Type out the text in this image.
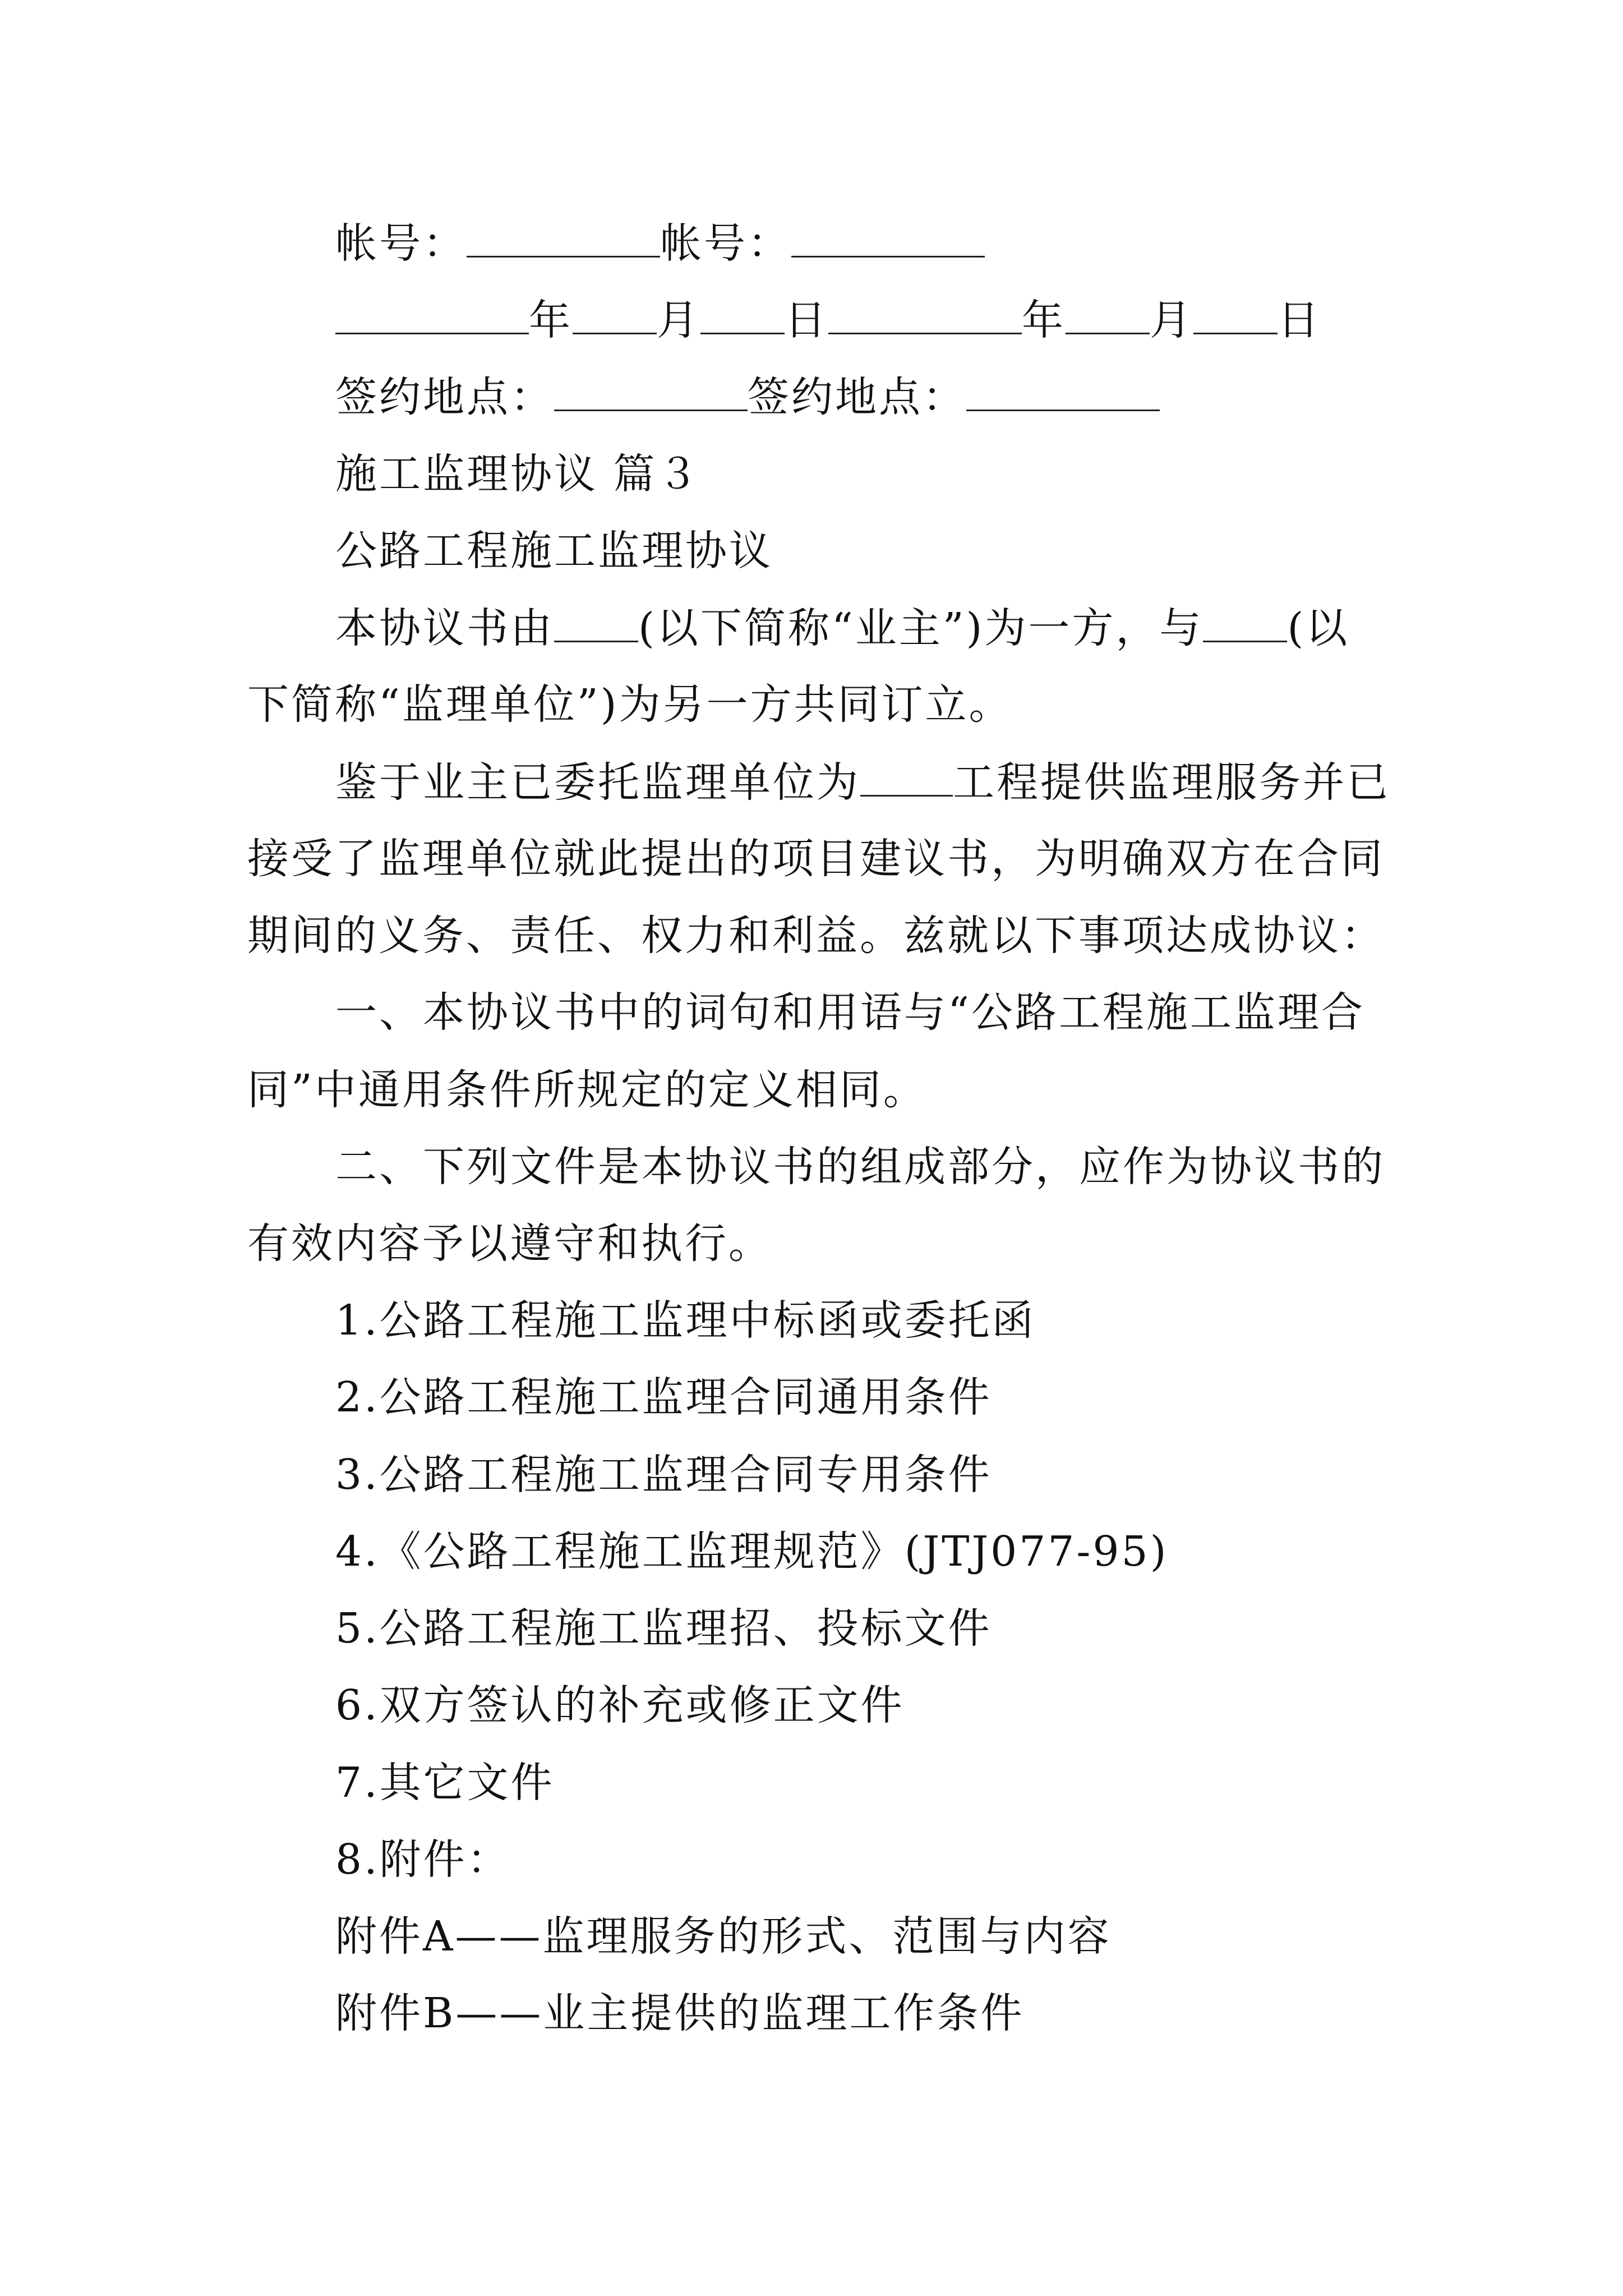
帐号：	帐号：
年 月 日	年 月 日
签约地点：	签约地点：
施工监理协议 篇３
公路工程施工监理协议
本协议书由 (以下简称“业主”)为一方，与 (以
下简称“监理单位”)为另一方共同订立。
鉴于业主已委托监理单位为 工程提供监理服务并已
接受了监理单位就此提出的项目建议书，为明确双方在合同
期间的义务、责任、权力和利益。兹就以下事项达成协议：
一、本协议书中的词句和用语与“公路工程施工监理合
同”中通用条件所规定的定义相同。
二、下列文件是本协议书的组成部分，应作为协议书的
有效内容予以遵守和执行。
1.公路工程施工监理中标函或委托函
2.公路工程施工监理合同通用条件
3.公路工程施工监理合同专用条件
4.《公路工程施工监理规范》(JTJ077-95)
5.公路工程施工监理招、投标文件
6.双方签认的补充或修正文件
7.其它文件
8.附件：
附件A——监理服务的形式、范围与内容
附件B——业主提供的监理工作条件
